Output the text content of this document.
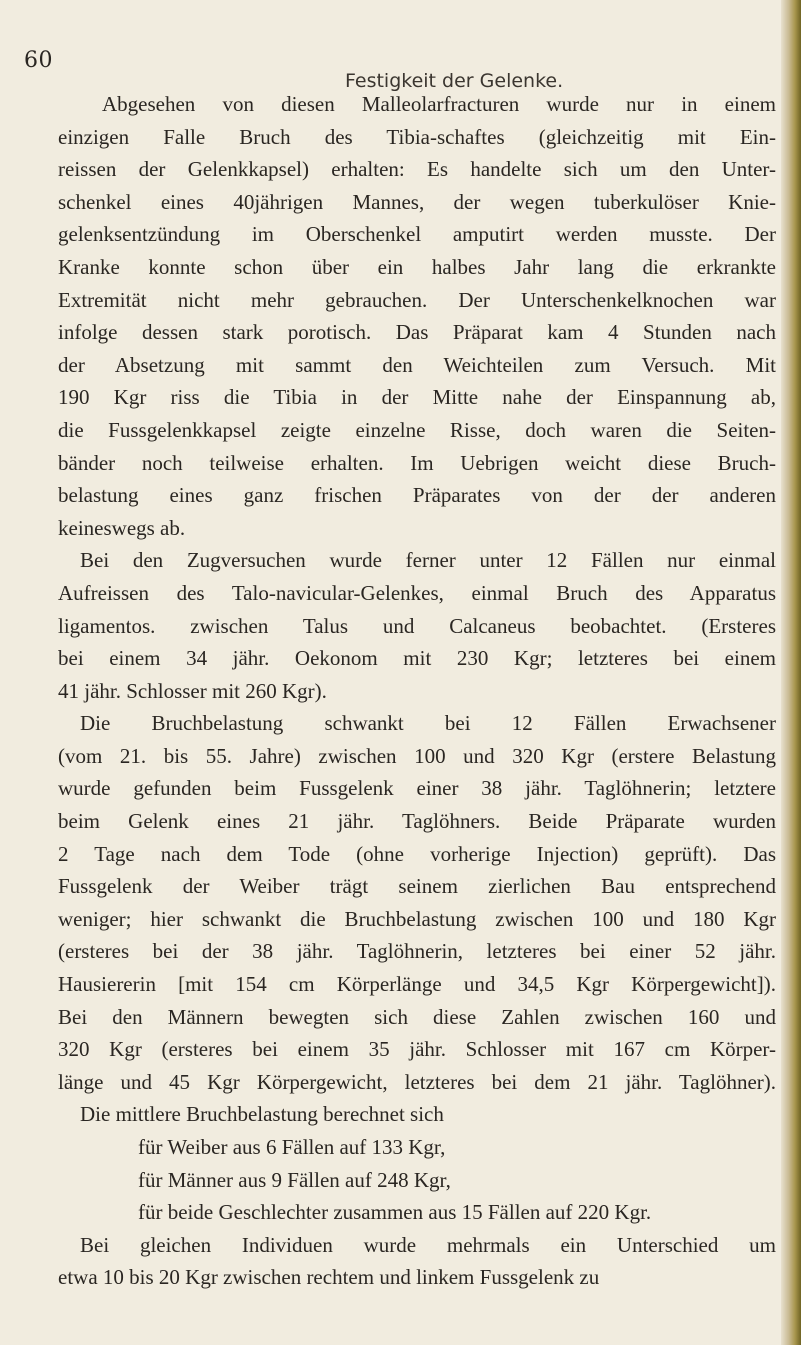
60
Festigkeit der Gelenke.
Abgesehen von diesen Malleolarfracturen wurde nur in einem
einzigen Falle Bruch des Tibia-schaftes (gleichzeitig mit Ein-
reissen der Gelenkkapsel) erhalten: Es handelte sich um den Unter-
schenkel eines 40jährigen Mannes, der wegen tuberkulöser Knie-
gelenksentzündung im Oberschenkel amputirt werden musste. Der
Kranke konnte schon über ein halbes Jahr lang die erkrankte
Extremität nicht mehr gebrauchen. Der Unterschenkelknochen war
infolge dessen stark porotisch. Das Präparat kam 4 Stunden nach
der Absetzung mit sammt den Weichteilen zum Versuch. Mit
190 Kgr riss die Tibia in der Mitte nahe der Einspannung ab,
die Fussgelenkkapsel zeigte einzelne Risse, doch waren die Seiten-
bänder noch teilweise erhalten. Im Uebrigen weicht diese Bruch-
belastung eines ganz frischen Präparates von der der anderen
keineswegs ab.
Bei den Zugversuchen wurde ferner unter 12 Fällen nur einmal
Aufreissen des Talo-navicular-Gelenkes, einmal Bruch des Apparatus
ligamentos. zwischen Talus und Calcaneus beobachtet. (Ersteres
bei einem 34 jähr. Oekonom mit 230 Kgr; letzteres bei einem
41 jähr. Schlosser mit 260 Kgr).
Die Bruchbelastung schwankt bei 12 Fällen Erwachsener
(vom 21. bis 55. Jahre) zwischen 100 und 320 Kgr (erstere Belastung
wurde gefunden beim Fussgelenk einer 38 jähr. Taglöhnerin; letztere
beim Gelenk eines 21 jähr. Taglöhners. Beide Präparate wurden
2 Tage nach dem Tode (ohne vorherige Injection) geprüft). Das
Fussgelenk der Weiber trägt seinem zierlichen Bau entsprechend
weniger; hier schwankt die Bruchbelastung zwischen 100 und 180 Kgr
(ersteres bei der 38 jähr. Taglöhnerin, letzteres bei einer 52 jähr.
Hausiererin [mit 154 cm Körperlänge und 34,5 Kgr Körpergewicht]).
Bei den Männern bewegten sich diese Zahlen zwischen 160 und
320 Kgr (ersteres bei einem 35 jähr. Schlosser mit 167 cm Körper-
länge und 45 Kgr Körpergewicht, letzteres bei dem 21 jähr. Taglöhner).
Die mittlere Bruchbelastung berechnet sich
für Weiber aus 6 Fällen auf 133 Kgr,
für Männer aus 9 Fällen auf 248 Kgr,
für beide Geschlechter zusammen aus 15 Fällen auf 220 Kgr.
Bei gleichen Individuen wurde mehrmals ein Unterschied um
etwa 10 bis 20 Kgr zwischen rechtem und linkem Fussgelenk zu
